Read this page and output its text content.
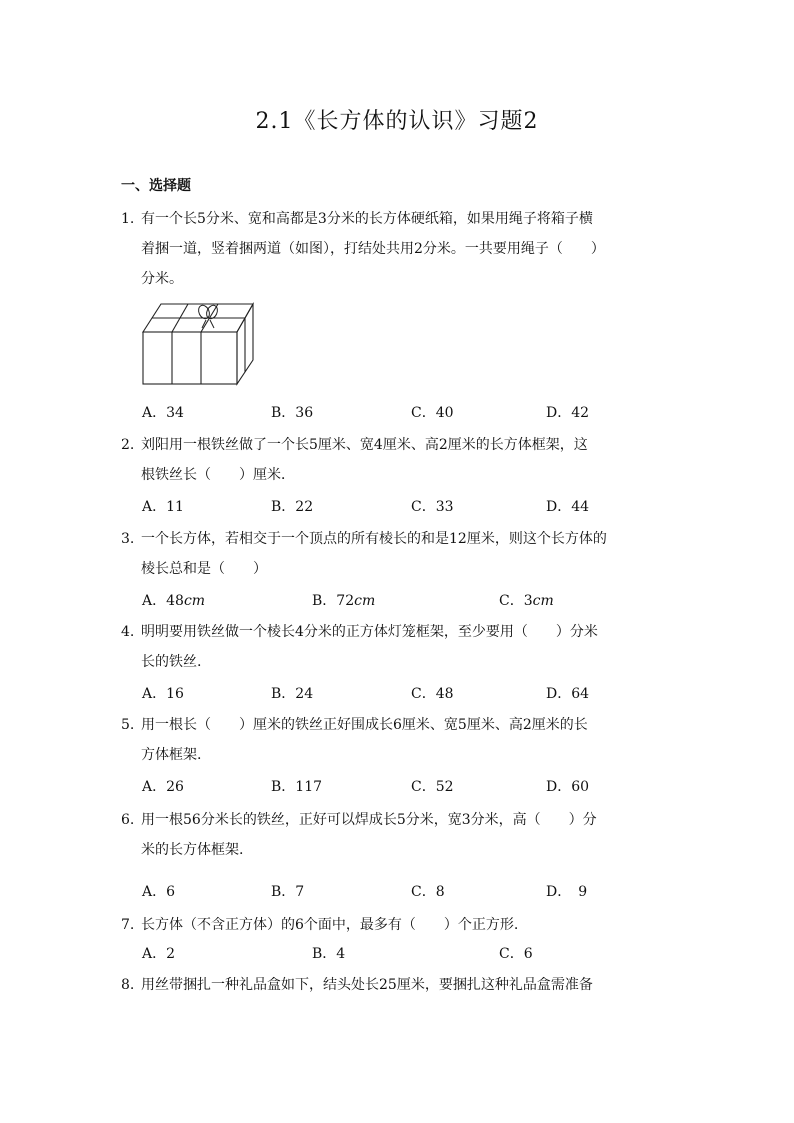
2.1《长方体的认识》习题2
一、选择题
1. 有一个长5分米、宽和高都是3分米的长方体硬纸箱，如果用绳子将箱子横
着捆一道，竖着捆两道（如图），打结处共用2分米。一共要用绳子（　　）
分米。
A．34	B．36	C．40	D．42
2. 刘阳用一根铁丝做了一个长5厘米、宽4厘米、高2厘米的长方体框架，这
根铁丝长（　　）厘米．
A．11	B．22	C．33	D．44
3. 一个长方体，若相交于一个顶点的所有棱长的和是12厘米，则这个长方体的
棱长总和是（　　）
A．48cm	B．72cm	C．3cm
4. 明明要用铁丝做一个棱长4分米的正方体灯笼框架，至少要用（　　）分米
长的铁丝.
A．16	B．24	C．48	D．64
5. 用一根长（　　）厘米的铁丝正好围成长6厘米、宽5厘米、高2厘米的长
方体框架.
A．26	B．117	C．52	D．60
6. 用一根56分米长的铁丝，正好可以焊成长5分米，宽3分米，高（　　）分
米的长方体框架.
A．6	B．7	C．8	D．　9
7. 长方体（不含正方体）的6个面中，最多有（　　）个正方形.
A．2	B．4	C．6
8. 用丝带捆扎一种礼品盒如下，结头处长25厘米，要捆扎这种礼品盒需准备
